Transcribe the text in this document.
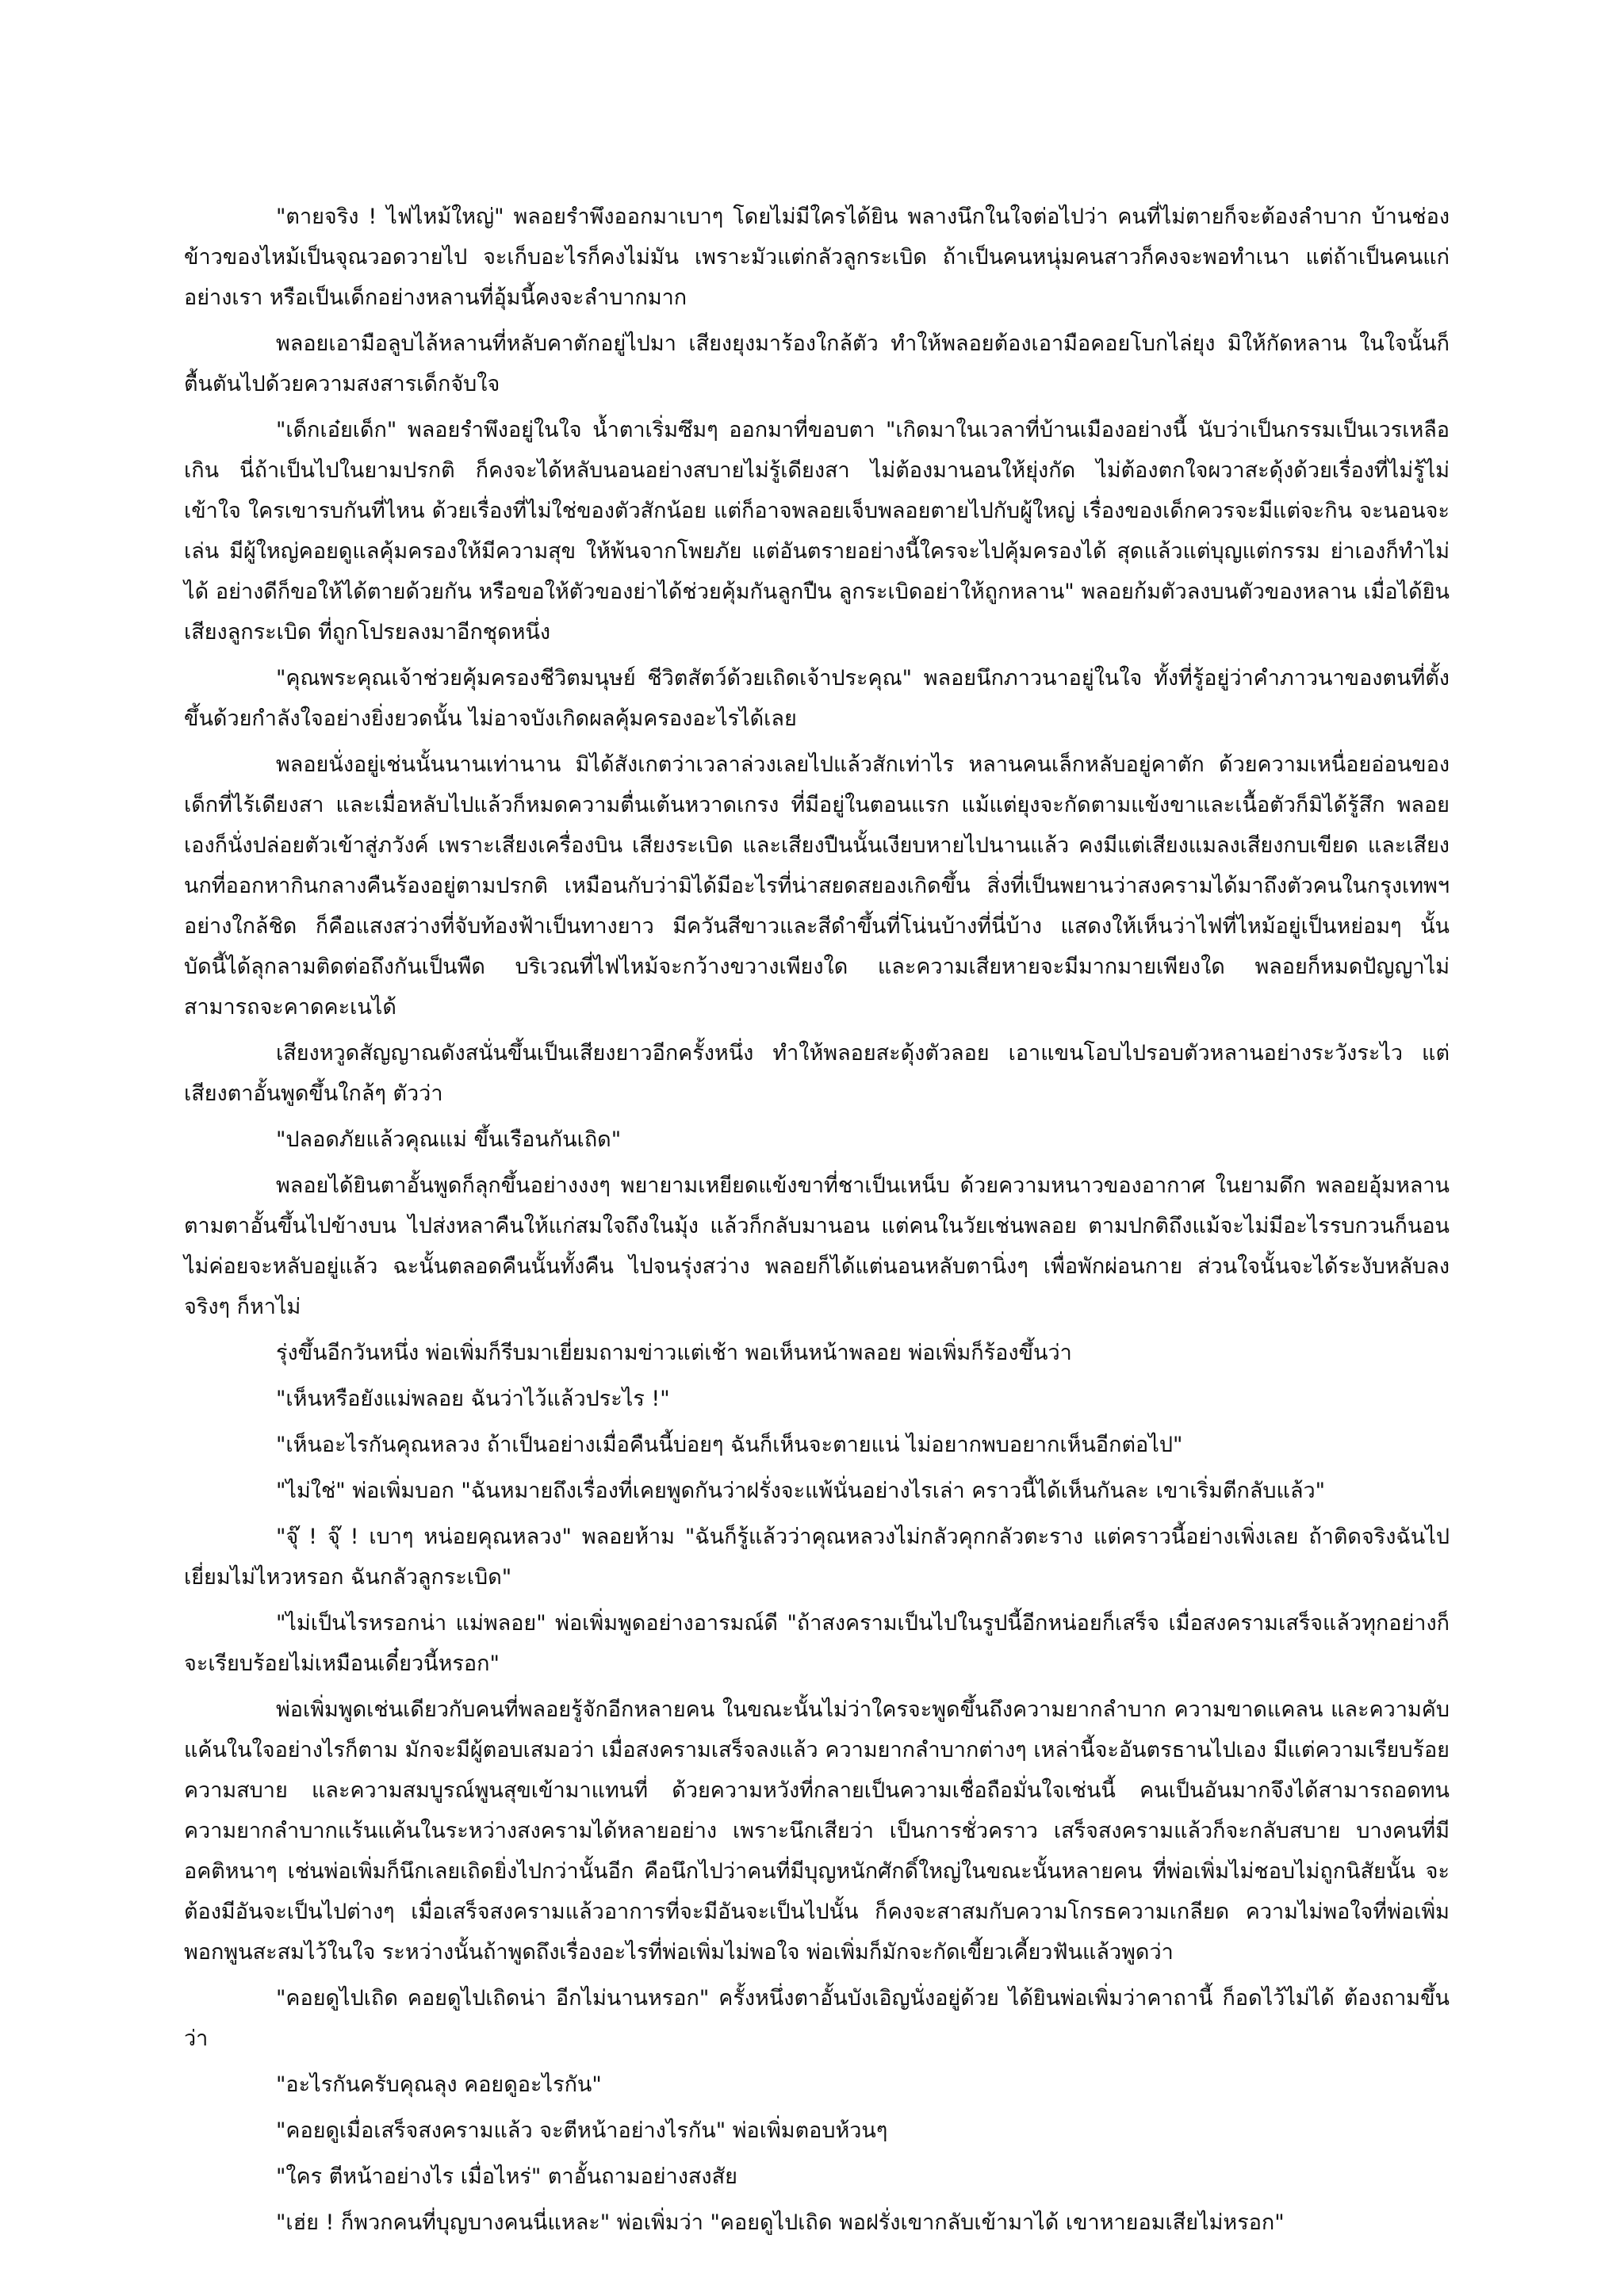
"ตายจริง ! ไฟไหม้ใหญ่" พลอยรำพึงออกมาเบาๆ โดยไม่มีใครได้ยิน พลางนึกในใจต่อไปว่า คนที่ไม่ตายก็จะต้องลำบาก บ้านช่องข้าวของไหม้เป็นจุณวอดวายไป จะเก็บอะไรก็คงไม่มัน เพราะมัวแต่กลัวลูกระเบิด ถ้าเป็นคนหนุ่มคนสาวก็คงจะพอทำเนา แต่ถ้าเป็นคนแก่อย่างเรา หรือเป็นเด็กอย่างหลานที่อุ้มนี้คงจะลำบากมาก

พลอยเอามือลูบไล้หลานที่หลับคาตักอยู่ไปมา เสียงยุงมาร้องใกล้ตัว ทำให้พลอยต้องเอามือคอยโบกไล่ยุง มิให้กัดหลาน ในใจนั้นก็ตื้นตันไปด้วยความสงสารเด็กจับใจ

"เด็กเอ๋ยเด็ก" พลอยรำพึงอยู่ในใจ น้ำตาเริ่มซึมๆ ออกมาที่ขอบตา "เกิดมาในเวลาที่บ้านเมืองอย่างนี้ นับว่าเป็นกรรมเป็นเวรเหลือเกิน นี่ถ้าเป็นไปในยามปรกติ ก็คงจะได้หลับนอนอย่างสบายไม่รู้เดียงสา ไม่ต้องมานอนให้ยุ่งกัด ไม่ต้องตกใจผวาสะดุ้งด้วยเรื่องที่ไม่รู้ไม่เข้าใจ ใครเขารบกันที่ไหน ด้วยเรื่องที่ไม่ใช่ของตัวสักน้อย แต่ก็อาจพลอยเจ็บพลอยตายไปกับผู้ใหญ่ เรื่องของเด็กควรจะมีแต่จะกิน จะนอนจะเล่น มีผู้ใหญ่คอยดูแลคุ้มครองให้มีความสุข ให้พ้นจากโพยภัย แต่อันตรายอย่างนี้ใครจะไปคุ้มครองได้ สุดแล้วแต่บุญแต่กรรม ย่าเองก็ทำไม่ได้ อย่างดีก็ขอให้ได้ตายด้วยกัน หรือขอให้ตัวของย่าได้ช่วยคุ้มกันลูกปืน ลูกระเบิดอย่าให้ถูกหลาน" พลอยก้มตัวลงบนตัวของหลาน เมื่อได้ยินเสียงลูกระเบิด ที่ถูกโปรยลงมาอีกชุดหนึ่ง

"คุณพระคุณเจ้าช่วยคุ้มครองชีวิตมนุษย์ ชีวิตสัตว์ด้วยเถิดเจ้าประคุณ" พลอยนึกภาวนาอยู่ในใจ ทั้งที่รู้อยู่ว่าคำภาวนาของตนที่ตั้งขึ้นด้วยกำลังใจอย่างยิ่งยวดนั้น ไม่อาจบังเกิดผลคุ้มครองอะไรได้เลย

พลอยนั่งอยู่เช่นนั้นนานเท่านาน มิได้สังเกตว่าเวลาล่วงเลยไปแล้วสักเท่าไร หลานคนเล็กหลับอยู่คาตัก ด้วยความเหนื่อยอ่อนของเด็กที่ไร้เดียงสา และเมื่อหลับไปแล้วก็หมดความตื่นเต้นหวาดเกรง ที่มีอยู่ในตอนแรก แม้แต่ยุงจะกัดตามแข้งขาและเนื้อตัวก็มิได้รู้สึก พลอยเองก็นั่งปล่อยตัวเข้าสู่ภวังค์ เพราะเสียงเครื่องบิน เสียงระเบิด และเสียงปืนนั้นเงียบหายไปนานแล้ว คงมีแต่เสียงแมลงเสียงกบเขียด และเสียงนกที่ออกหากินกลางคืนร้องอยู่ตามปรกติ เหมือนกับว่ามิได้มีอะไรที่น่าสยดสยองเกิดขึ้น สิ่งที่เป็นพยานว่าสงครามได้มาถึงตัวคนในกรุงเทพฯ อย่างใกล้ชิด ก็คือแสงสว่างที่จับท้องฟ้าเป็นทางยาว มีควันสีขาวและสีดำขึ้นที่โน่นบ้างที่นี่บ้าง แสดงให้เห็นว่าไฟที่ไหม้อยู่เป็นหย่อมๆ นั้น บัดนี้ได้ลุกลามติดต่อถึงกันเป็นพืด บริเวณที่ไฟไหม้จะกว้างขวางเพียงใด และความเสียหายจะมีมากมายเพียงใด พลอยก็หมดปัญญาไม่สามารถจะคาดคะเนได้

เสียงหวูดสัญญาณดังสนั่นขึ้นเป็นเสียงยาวอีกครั้งหนึ่ง ทำให้พลอยสะดุ้งตัวลอย เอาแขนโอบไปรอบตัวหลานอย่างระวังระไว แต่เสียงตาอั้นพูดขึ้นใกล้ๆ ตัวว่า

"ปลอดภัยแล้วคุณแม่ ขึ้นเรือนกันเถิด"

พลอยได้ยินตาอั้นพูดก็ลุกขึ้นอย่างงงๆ พยายามเหยียดแข้งขาที่ชาเป็นเหน็บ ด้วยความหนาวของอากาศ ในยามดึก พลอยอุ้มหลานตามตาอั้นขึ้นไปข้างบน ไปส่งหลาคืนให้แก่สมใจถึงในมุ้ง แล้วก็กลับมานอน แต่คนในวัยเช่นพลอย ตามปกติถึงแม้จะไม่มีอะไรรบกวนก็นอนไม่ค่อยจะหลับอยู่แล้ว ฉะนั้นตลอดคืนนั้นทั้งคืน ไปจนรุ่งสว่าง พลอยก็ได้แต่นอนหลับตานิ่งๆ เพื่อพักผ่อนกาย ส่วนใจนั้นจะได้ระงับหลับลงจริงๆ ก็หาไม่

รุ่งขึ้นอีกวันหนึ่ง พ่อเพิ่มก็รีบมาเยี่ยมถามข่าวแต่เช้า พอเห็นหน้าพลอย พ่อเพิ่มก็ร้องขึ้นว่า

"เห็นหรือยังแม่พลอย ฉันว่าไว้แล้วประไร !"

"เห็นอะไรกันคุณหลวง ถ้าเป็นอย่างเมื่อคืนนี้บ่อยๆ ฉันก็เห็นจะตายแน่ ไม่อยากพบอยากเห็นอีกต่อไป"

"ไม่ใช่" พ่อเพิ่มบอก "ฉันหมายถึงเรื่องที่เคยพูดกันว่าฝรั่งจะแพ้นั่นอย่างไรเล่า คราวนี้ได้เห็นกันละ เขาเริ่มตีกลับแล้ว"

"จุ๊ ! จุ๊ ! เบาๆ หน่อยคุณหลวง" พลอยห้าม "ฉันก็รู้แล้วว่าคุณหลวงไม่กลัวคุกกลัวตะราง แต่คราวนี้อย่างเพิ่งเลย ถ้าติดจริงฉันไปเยี่ยมไม่ไหวหรอก ฉันกลัวลูกระเบิด"

"ไม่เป็นไรหรอกน่า แม่พลอย" พ่อเพิ่มพูดอย่างอารมณ์ดี "ถ้าสงครามเป็นไปในรูปนี้อีกหน่อยก็เสร็จ เมื่อสงครามเสร็จแล้วทุกอย่างก็จะเรียบร้อยไม่เหมือนเดี๋ยวนี้หรอก"

พ่อเพิ่มพูดเช่นเดียวกับคนที่พลอยรู้จักอีกหลายคน ในขณะนั้นไม่ว่าใครจะพูดขึ้นถึงความยากลำบาก ความขาดแคลน และความคับแค้นในใจอย่างไรก็ตาม มักจะมีผู้ตอบเสมอว่า เมื่อสงครามเสร็จลงแล้ว ความยากลำบากต่างๆ เหล่านี้จะอันตรธานไปเอง มีแต่ความเรียบร้อยความสบาย และความสมบูรณ์พูนสุขเข้ามาแทนที่ ด้วยความหวังที่กลายเป็นความเชื่อถือมั่นใจเช่นนี้ คนเป็นอันมากจึงได้สามารถอดทนความยากลำบากแร้นแค้นในระหว่างสงครามได้หลายอย่าง เพราะนึกเสียว่า เป็นการชั่วคราว เสร็จสงครามแล้วก็จะกลับสบาย บางคนที่มีอคติหนาๆ เช่นพ่อเพิ่มก็นึกเลยเถิดยิ่งไปกว่านั้นอีก คือนึกไปว่าคนที่มีบุญหนักศักดิ์ใหญ่ในขณะนั้นหลายคน ที่พ่อเพิ่มไม่ชอบไม่ถูกนิสัยนั้น จะต้องมีอันจะเป็นไปต่างๆ เมื่อเสร็จสงครามแล้วอาการที่จะมีอันจะเป็นไปนั้น ก็คงจะสาสมกับความโกรธความเกลียด ความไม่พอใจที่พ่อเพิ่มพอกพูนสะสมไว้ในใจ ระหว่างนั้นถ้าพูดถึงเรื่องอะไรที่พ่อเพิ่มไม่พอใจ พ่อเพิ่มก็มักจะกัดเขี้ยวเคี้ยวฟันแล้วพูดว่า

"คอยดูไปเถิด คอยดูไปเถิดน่า อีกไม่นานหรอก" ครั้งหนึ่งตาอั้นบังเอิญนั่งอยู่ด้วย ได้ยินพ่อเพิ่มว่าคาถานี้ ก็อดไว้ไม่ได้ ต้องถามขึ้นว่า

"อะไรกันครับคุณลุง คอยดูอะไรกัน"

"คอยดูเมื่อเสร็จสงครามแล้ว จะตีหน้าอย่างไรกัน" พ่อเพิ่มตอบห้วนๆ

"ใคร ตีหน้าอย่างไร เมื่อไหร่" ตาอั้นถามอย่างสงสัย

"เฮ่ย ! ก็พวกคนที่บุญบางคนนี่แหละ" พ่อเพิ่มว่า "คอยดูไปเถิด พอฝรั่งเขากลับเข้ามาได้ เขาหายอมเสียไม่หรอก"
